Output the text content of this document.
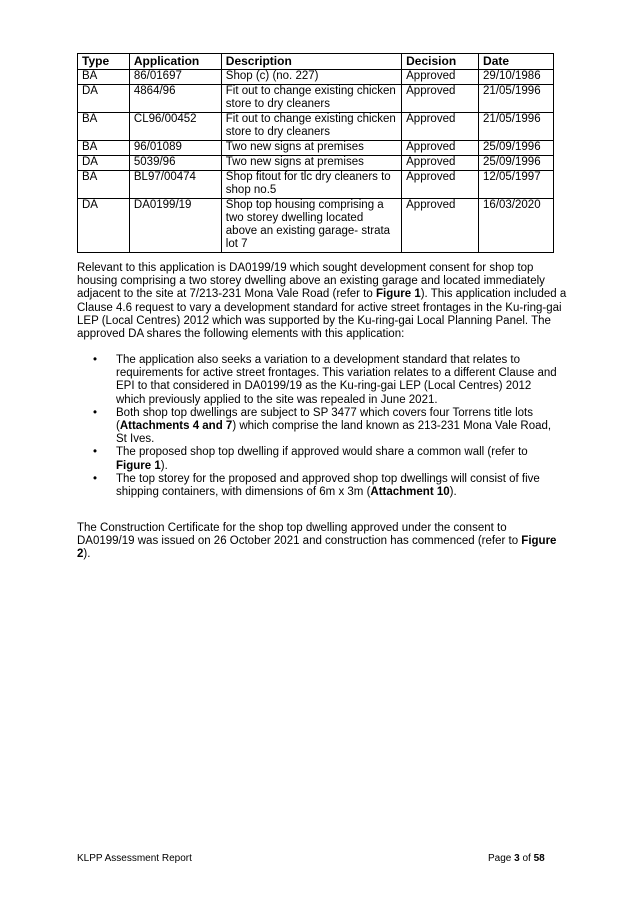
Type	Application	Description	Decision	Date
BA	86/01697	Shop (c) (no. 227)	Approved	29/10/1986
DA	4864/96	Fit out to change existing chicken store to dry cleaners	Approved	21/05/1996
BA	CL96/00452	Fit out to change existing chicken store to dry cleaners	Approved	21/05/1996
BA	96/01089	Two new signs at premises	Approved	25/09/1996
DA	5039/96	Two new signs at premises	Approved	25/09/1996
BA	BL97/00474	Shop fitout for tlc dry cleaners to shop no.5	Approved	12/05/1997
DA	DA0199/19	Shop top housing comprising a two storey dwelling located above an existing garage- strata lot 7	Approved	16/03/2020

Relevant to this application is DA0199/19 which sought development consent for shop top housing comprising a two storey dwelling above an existing garage and located immediately adjacent to the site at 7/213-231 Mona Vale Road (refer to Figure 1). This application included a Clause 4.6 request to vary a development standard for active street frontages in the Ku-ring-gai LEP (Local Centres) 2012 which was supported by the Ku-ring-gai Local Planning Panel. The approved DA shares the following elements with this application:

• The application also seeks a variation to a development standard that relates to requirements for active street frontages. This variation relates to a different Clause and EPI to that considered in DA0199/19 as the Ku-ring-gai LEP (Local Centres) 2012 which previously applied to the site was repealed in June 2021.
• Both shop top dwellings are subject to SP 3477 which covers four Torrens title lots (Attachments 4 and 7) which comprise the land known as 213-231 Mona Vale Road, St Ives.
• The proposed shop top dwelling if approved would share a common wall (refer to Figure 1).
• The top storey for the proposed and approved shop top dwellings will consist of five shipping containers, with dimensions of 6m x 3m (Attachment 10).

The Construction Certificate for the shop top dwelling approved under the consent to DA0199/19 was issued on 26 October 2021 and construction has commenced (refer to Figure 2).

KLPP Assessment Report	Page 3 of 58
